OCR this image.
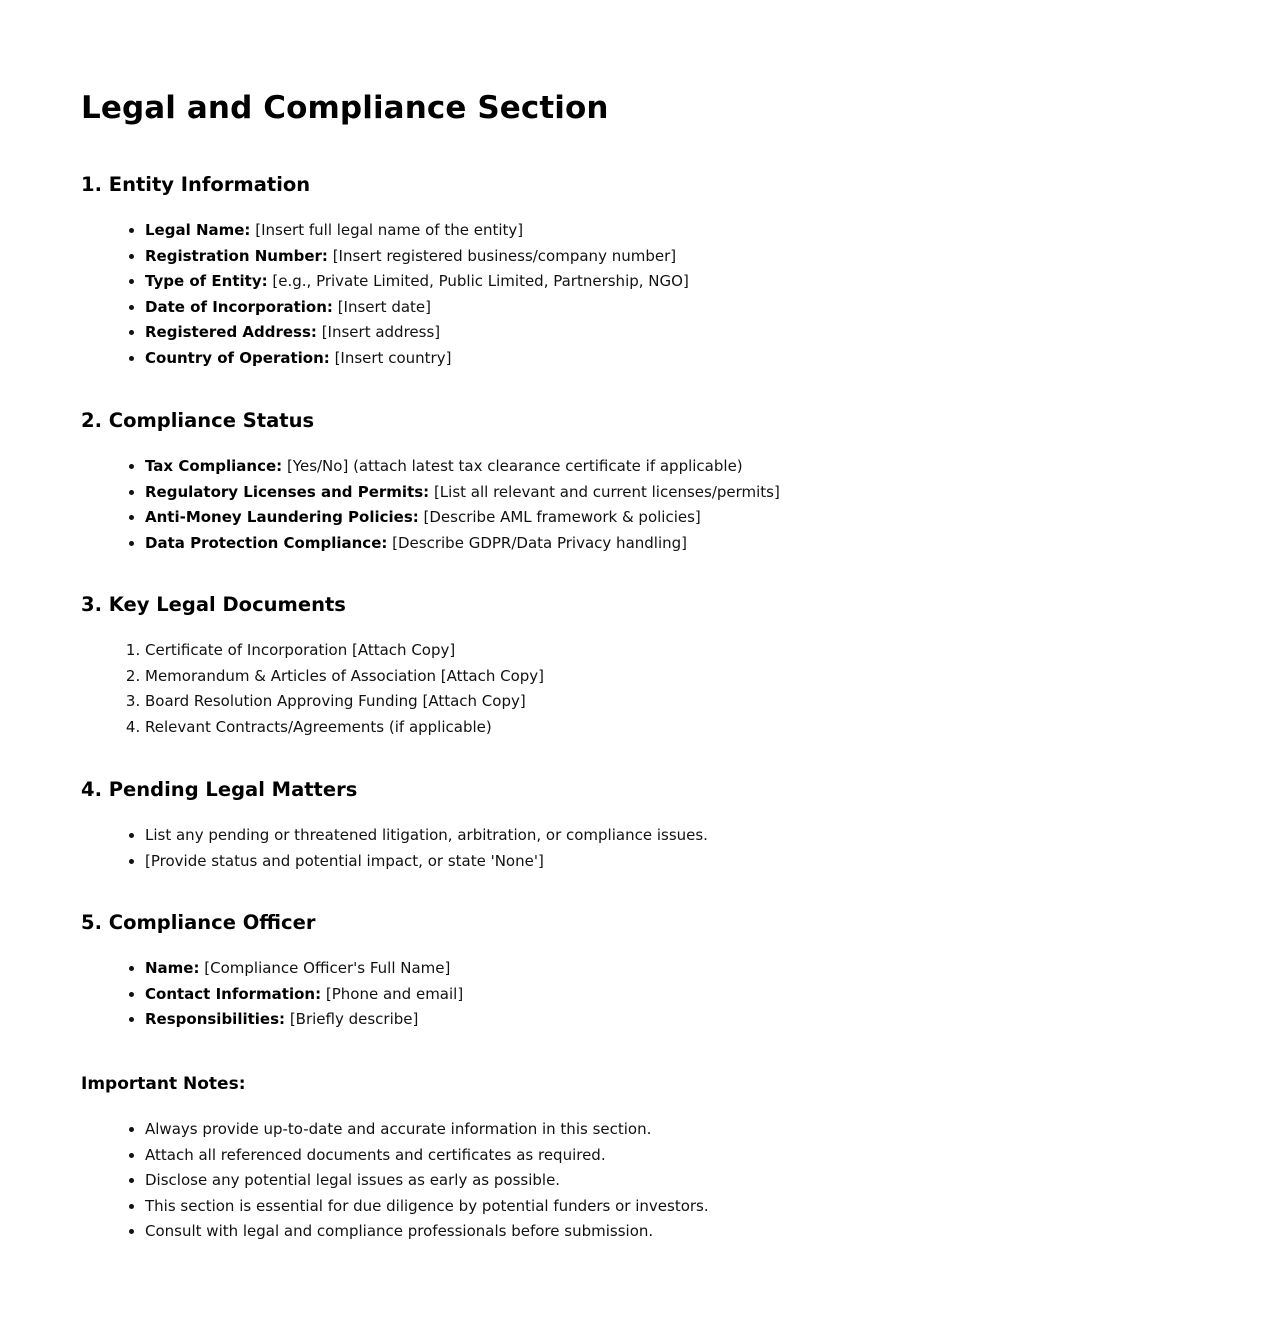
Legal and Compliance Section
1. Entity Information
• Legal Name: [Insert full legal name of the entity]
• Registration Number: [Insert registered business/company number]
• Type of Entity: [e.g., Private Limited, Public Limited, Partnership, NGO]
• Date of Incorporation: [Insert date]
• Registered Address: [Insert address]
• Country of Operation: [Insert country]
2. Compliance Status
• Tax Compliance: [Yes/No] (attach latest tax clearance certificate if applicable)
• Regulatory Licenses and Permits: [List all relevant and current licenses/permits]
• Anti-Money Laundering Policies: [Describe AML framework & policies]
• Data Protection Compliance: [Describe GDPR/Data Privacy handling]
3. Key Legal Documents
1. Certificate of Incorporation [Attach Copy]
2. Memorandum & Articles of Association [Attach Copy]
3. Board Resolution Approving Funding [Attach Copy]
4. Relevant Contracts/Agreements (if applicable)
4. Pending Legal Matters
• List any pending or threatened litigation, arbitration, or compliance issues.
• [Provide status and potential impact, or state 'None']
5. Compliance Officer
• Name: [Compliance Officer's Full Name]
• Contact Information: [Phone and email]
• Responsibilities: [Briefly describe]
Important Notes:
• Always provide up-to-date and accurate information in this section.
• Attach all referenced documents and certificates as required.
• Disclose any potential legal issues as early as possible.
• This section is essential for due diligence by potential funders or investors.
• Consult with legal and compliance professionals before submission.
